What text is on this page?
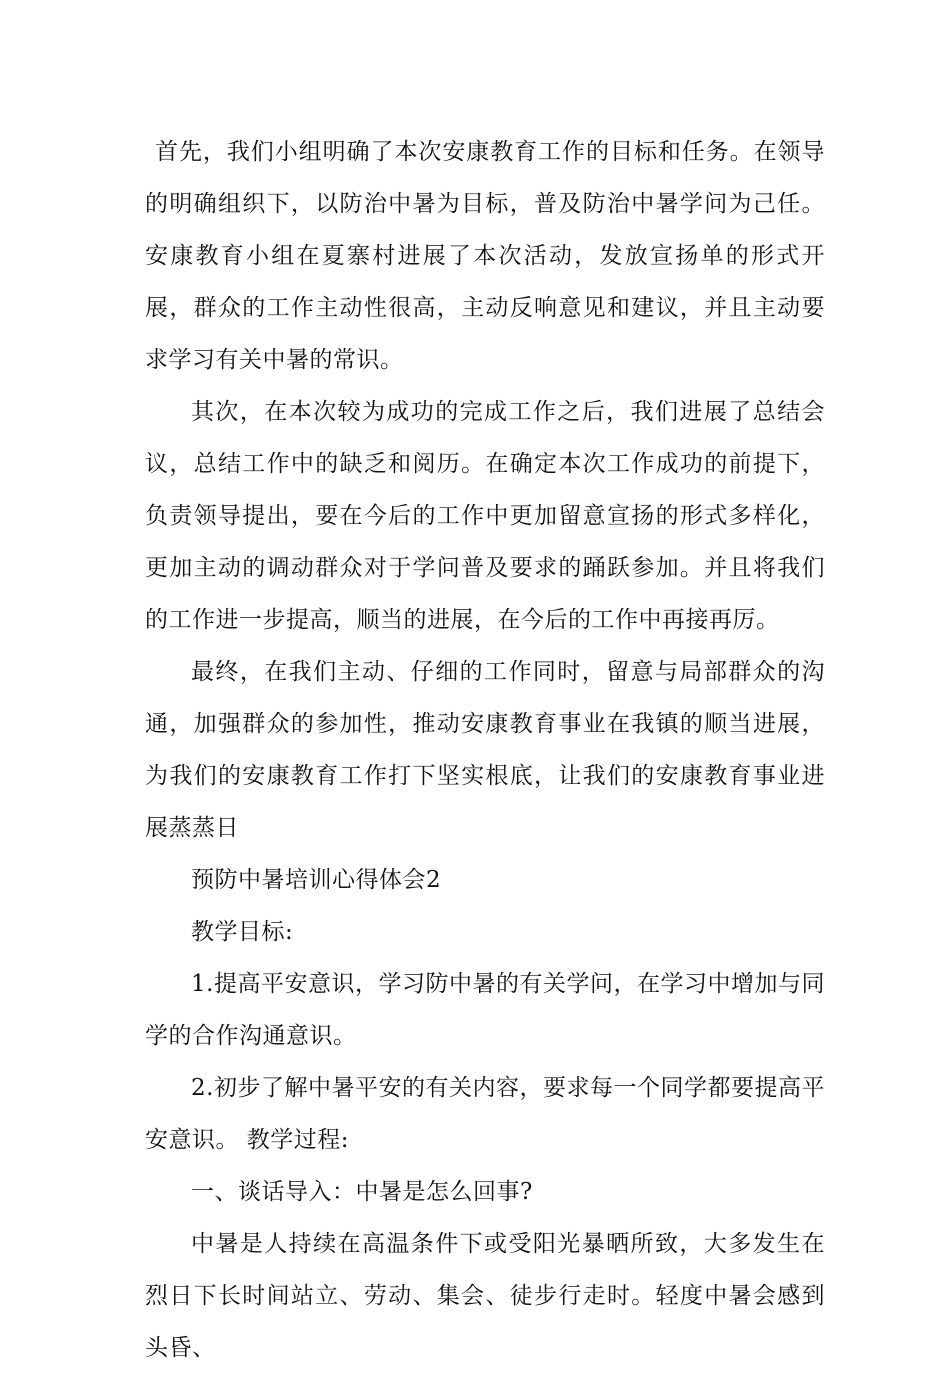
首先，我们小组明确了本次安康教育工作的目标和任务。在领导的明确组织下，以防治中暑为目标，普及防治中暑学问为己任。安康教育小组在夏寨村进展了本次活动，发放宣扬单的形式开展，群众的工作主动性很高，主动反响意见和建议，并且主动要求学习有关中暑的常识。

其次，在本次较为成功的完成工作之后，我们进展了总结会议，总结工作中的缺乏和阅历。在确定本次工作成功的前提下，负责领导提出，要在今后的工作中更加留意宣扬的形式多样化，更加主动的调动群众对于学问普及要求的踊跃参加。并且将我们的工作进一步提高，顺当的进展，在今后的工作中再接再厉。

最终，在我们主动、仔细的工作同时，留意与局部群众的沟通，加强群众的参加性，推动安康教育事业在我镇的顺当进展，为我们的安康教育工作打下坚实根底，让我们的安康教育事业进展蒸蒸日

预防中暑培训心得体会2

教学目标:

1.提高平安意识，学习防中暑的有关学问，在学习中增加与同学的合作沟通意识。

2.初步了解中暑平安的有关内容，要求每一个同学都要提高平安意识。 教学过程:

一、谈话导入：中暑是怎么回事?

中暑是人持续在高温条件下或受阳光暴晒所致，大多发生在烈日下长时间站立、劳动、集会、徒步行走时。轻度中暑会感到头昏、
